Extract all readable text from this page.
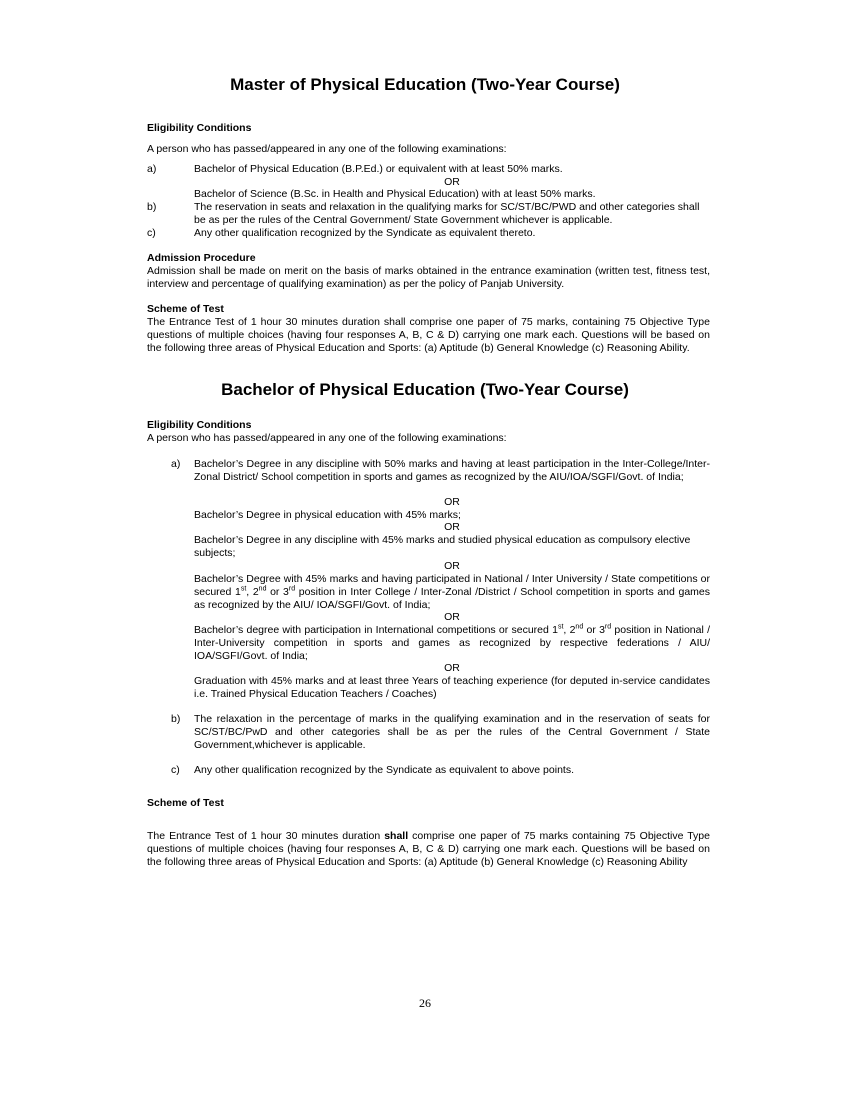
Master of Physical Education (Two-Year Course)
Eligibility Conditions
A person who has passed/appeared in any one of the following examinations:
a)	Bachelor of Physical Education (B.P.Ed.) or equivalent with at least 50% marks.
OR
Bachelor of Science (B.Sc. in Health and Physical Education) with at least 50% marks.
b)	The reservation in seats and relaxation in the qualifying marks for SC/ST/BC/PWD and other categories shall be as per the rules of the Central Government/ State Government whichever is applicable.
c)	Any other qualification recognized by the Syndicate as equivalent thereto.
Admission Procedure
Admission shall be made on merit on the basis of marks obtained in the entrance examination (written test, fitness test, interview and percentage of qualifying examination) as per the policy of Panjab University.
Scheme of Test
The Entrance Test of 1 hour 30 minutes duration shall comprise one paper of 75 marks, containing 75 Objective Type questions of multiple choices (having four responses A, B, C & D) carrying one mark each. Questions will be based on the following three areas of Physical Education and Sports: (a) Aptitude (b) General Knowledge (c) Reasoning Ability.
Bachelor of Physical Education (Two-Year Course)
Eligibility Conditions
A person who has passed/appeared in any one of the following examinations:
a) Bachelor’s Degree in any discipline with 50% marks and having at least participation in the Inter-College/Inter-Zonal District/ School competition in sports and games as recognized by the AIU/IOA/SGFI/Govt. of India;
OR
Bachelor’s Degree in physical education with 45% marks;
OR
Bachelor’s Degree in any discipline with 45% marks and studied physical education as compulsory elective subjects;
OR
Bachelor’s Degree with 45% marks and having participated in National / Inter University / State competitions or secured 1st, 2nd or 3rd position in Inter College / Inter-Zonal /District / School competition in sports and games as recognized by the AIU/ IOA/SGFI/Govt. of India;
OR
Bachelor’s degree with participation in International competitions or secured 1st, 2nd or 3rd position in National / Inter-University competition in sports and games as recognized by respective federations / AIU/ IOA/SGFI/Govt. of India;
OR
Graduation with 45% marks and at least three Years of teaching experience (for deputed in-service candidates i.e. Trained Physical Education Teachers / Coaches)
b) The relaxation in the percentage of marks in the qualifying examination and in the reservation of seats for SC/ST/BC/PwD and other categories shall be as per the rules of the Central Government / State Government,whichever is applicable.
c) Any other qualification recognized by the Syndicate as equivalent to above points.
Scheme of Test
The Entrance Test of 1 hour 30 minutes duration shall comprise one paper of 75 marks containing 75 Objective Type questions of multiple choices (having four responses A, B, C & D) carrying one mark each. Questions will be based on the following three areas of Physical Education and Sports: (a) Aptitude (b) General Knowledge (c) Reasoning Ability
26
